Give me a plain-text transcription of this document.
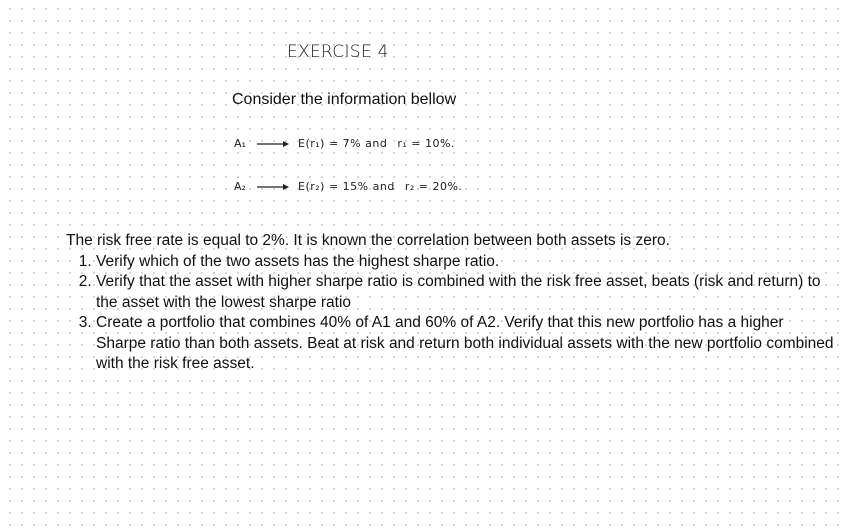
EXERCISE 4
Consider the information bellow
A₁	E(r₁) = 7% and r₁ = 10%.
A₂	E(r₂) = 15% and r₂ = 20%.

The risk free rate is equal to 2%. It is known the correlation between both assets is zero.

1. Verify which of the two assets has the highest sharpe ratio.
2. Verify that the asset with higher sharpe ratio is combined with the risk free asset, beats (risk and return) to the asset with the lowest sharpe ratio
3. Create a portfolio that combines 40% of A1 and 60% of A2. Verify that this new portfolio has a higher Sharpe ratio than both assets. Beat at risk and return both individual assets with the new portfolio combined with the risk free asset.
